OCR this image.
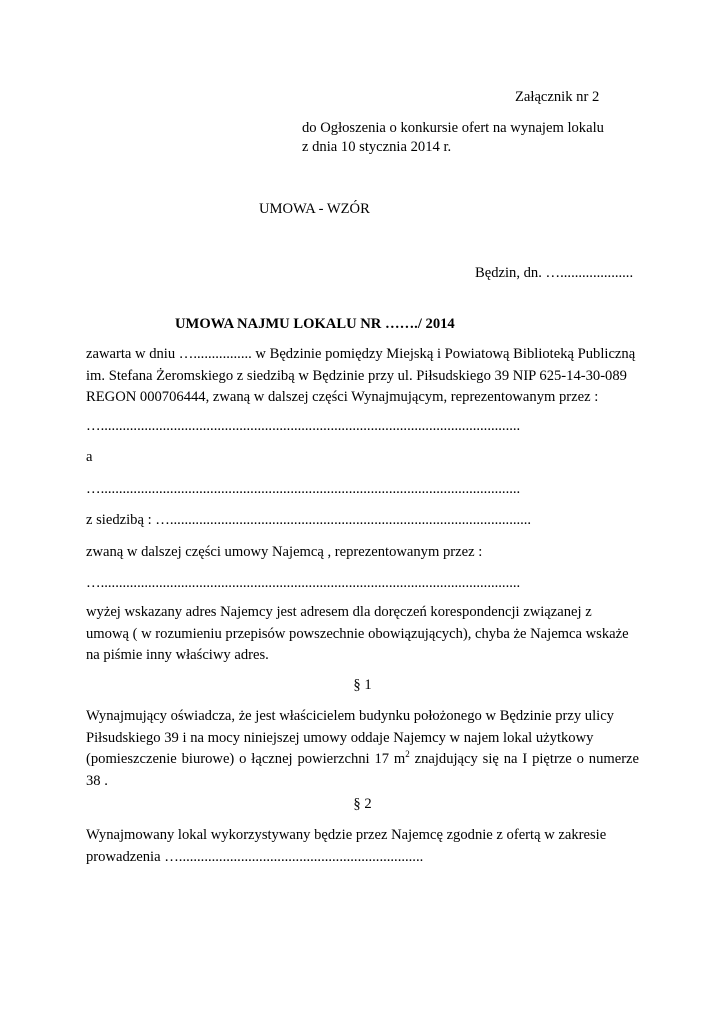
Załącznik nr 2
do Ogłoszenia o konkursie ofert na wynajem lokalu
z dnia 10 stycznia 2014 r.
UMOWA - WZÓR
Będzin, dn. …....................
UMOWA NAJMU LOKALU NR ……./ 2014
zawarta w dniu …................ w Będzinie pomiędzy Miejską i Powiatową Biblioteką Publiczną
im. Stefana Żeromskiego z siedzibą w Będzinie przy ul. Piłsudskiego 39 NIP 625-14-30-089
REGON 000706444, zwaną w dalszej części Wynajmującym, reprezentowanym przez :
…...................................................................................................................
a
…...................................................................................................................
z siedzibą : …...................................................................................................
zwaną w dalszej części umowy Najemcą , reprezentowanym przez :
…...................................................................................................................
wyżej wskazany adres Najemcy jest adresem dla doręczeń korespondencji związanej z
umową ( w rozumieniu przepisów powszechnie obowiązujących), chyba że Najemca wskaże
na piśmie inny właściwy adres.
§ 1
Wynajmujący oświadcza, że jest właścicielem budynku położonego w Będzinie przy ulicy
Piłsudskiego 39 i na mocy niniejszej umowy oddaje Najemcy w najem lokal użytkowy
(pomieszczenie biurowe) o łącznej powierzchni 17 $m^2$ znajdujący się na I piętrze o numerze
38 .
§ 2
Wynajmowany lokal wykorzystywany będzie przez Najemcę zgodnie z ofertą w zakresie
prowadzenia …...................................................................
